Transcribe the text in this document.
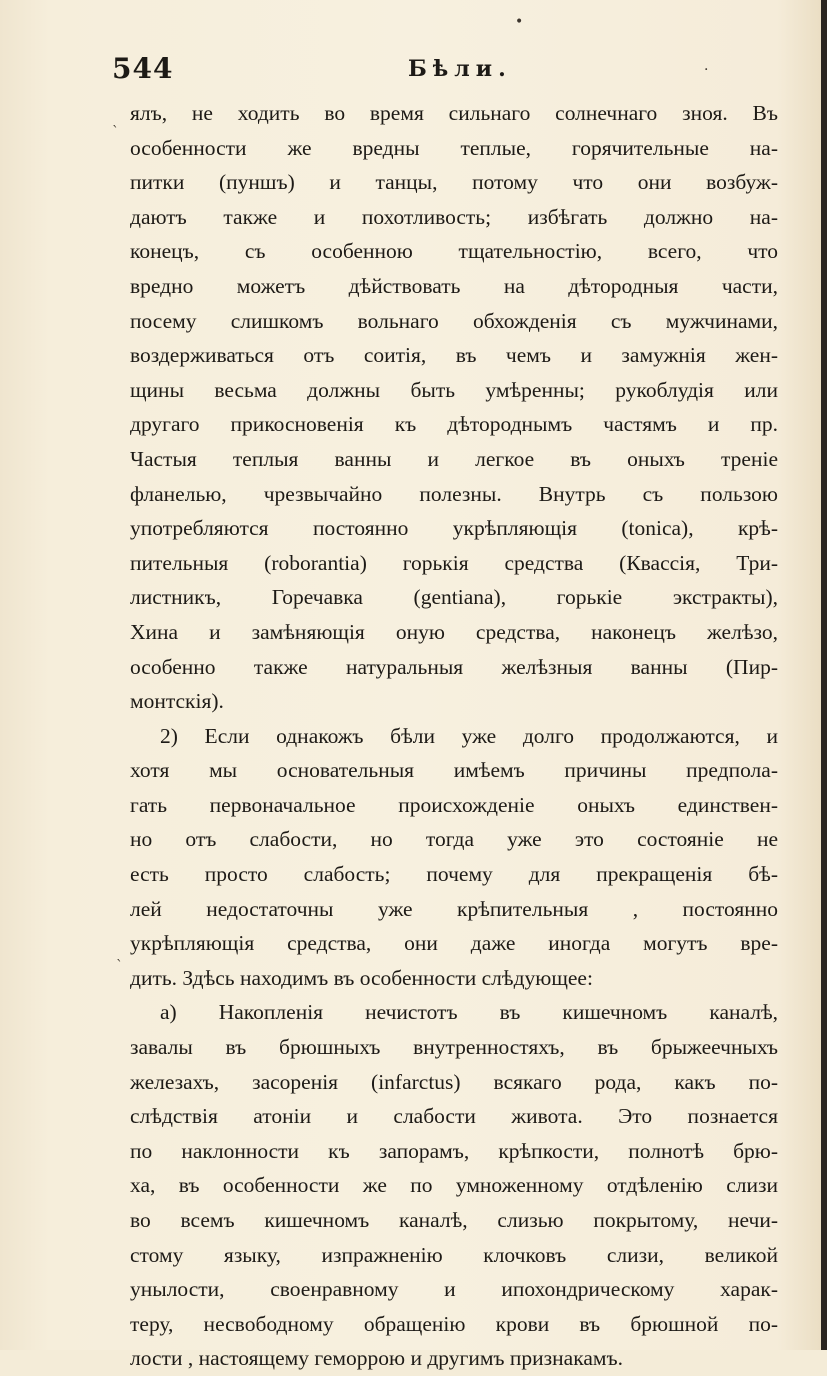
544	Бѣли.
•
·
`
`
ялъ, не ходить во время сильнаго солнечнаго зноя. Въ
особенности же вредны теплые, горячительные на-
питки (пуншъ) и танцы, потому что они возбуж-
даютъ также и похотливость; избѣгать должно на-
конецъ, съ особенною тщательностію, всего, что
вредно можетъ дѣйствовать на дѣтородныя части,
посему слишкомъ вольнаго обхожденія съ мужчинами,
воздерживаться отъ соитія, въ чемъ и замужнія жен-
щины весьма должны быть умѣренны; рукоблудія или
другаго прикосновенія къ дѣтороднымъ частямъ и пр.
Частыя теплыя ванны и легкое въ оныхъ треніе
фланелью, чрезвычайно полезны. Внутрь съ пользою
употребляются постоянно укрѣпляющія (tonica), крѣ-
пительныя (roborantia) горькія средства (Квассія, Три-
листникъ, Горечавка (gentiana), горькіе экстракты),
Хина и замѣняющія оную средства, наконецъ желѣзо,
особенно также натуральныя желѣзныя ванны (Пир-
монтскія).
2) Если однакожъ бѣли уже долго продолжаются, и
хотя мы основательныя имѣемъ причины предпола-
гать первоначальное происхожденіе оныхъ единствен-
но отъ слабости, но тогда уже это состояніе не
есть просто слабость; почему для прекращенія бѣ-
лей недостаточны уже крѣпительныя , постоянно
укрѣпляющія средства, они даже иногда могутъ вре-
дить. Здѣсь находимъ въ особенности слѣдующее:
а) Накопленія нечистотъ въ кишечномъ каналѣ,
завалы въ брюшныхъ внутренностяхъ, въ брыжеечныхъ
железахъ, засоренія (infarctus) всякаго рода, какъ по-
слѣдствія атоніи и слабости живота. Это познается
по наклонности къ запорамъ, крѣпкости, полнотѣ брю-
ха, въ особенности же по умноженному отдѣленію слизи
во всемъ кишечномъ каналѣ, слизью покрытому, нечи-
стому языку, изпражненію клочковъ слизи, великой
унылости, своенравному и ипохондрическому харак-
теру, несвободному обращенію крови въ брюшной по-
лости , настоящему геморрою и другимъ признакамъ.
